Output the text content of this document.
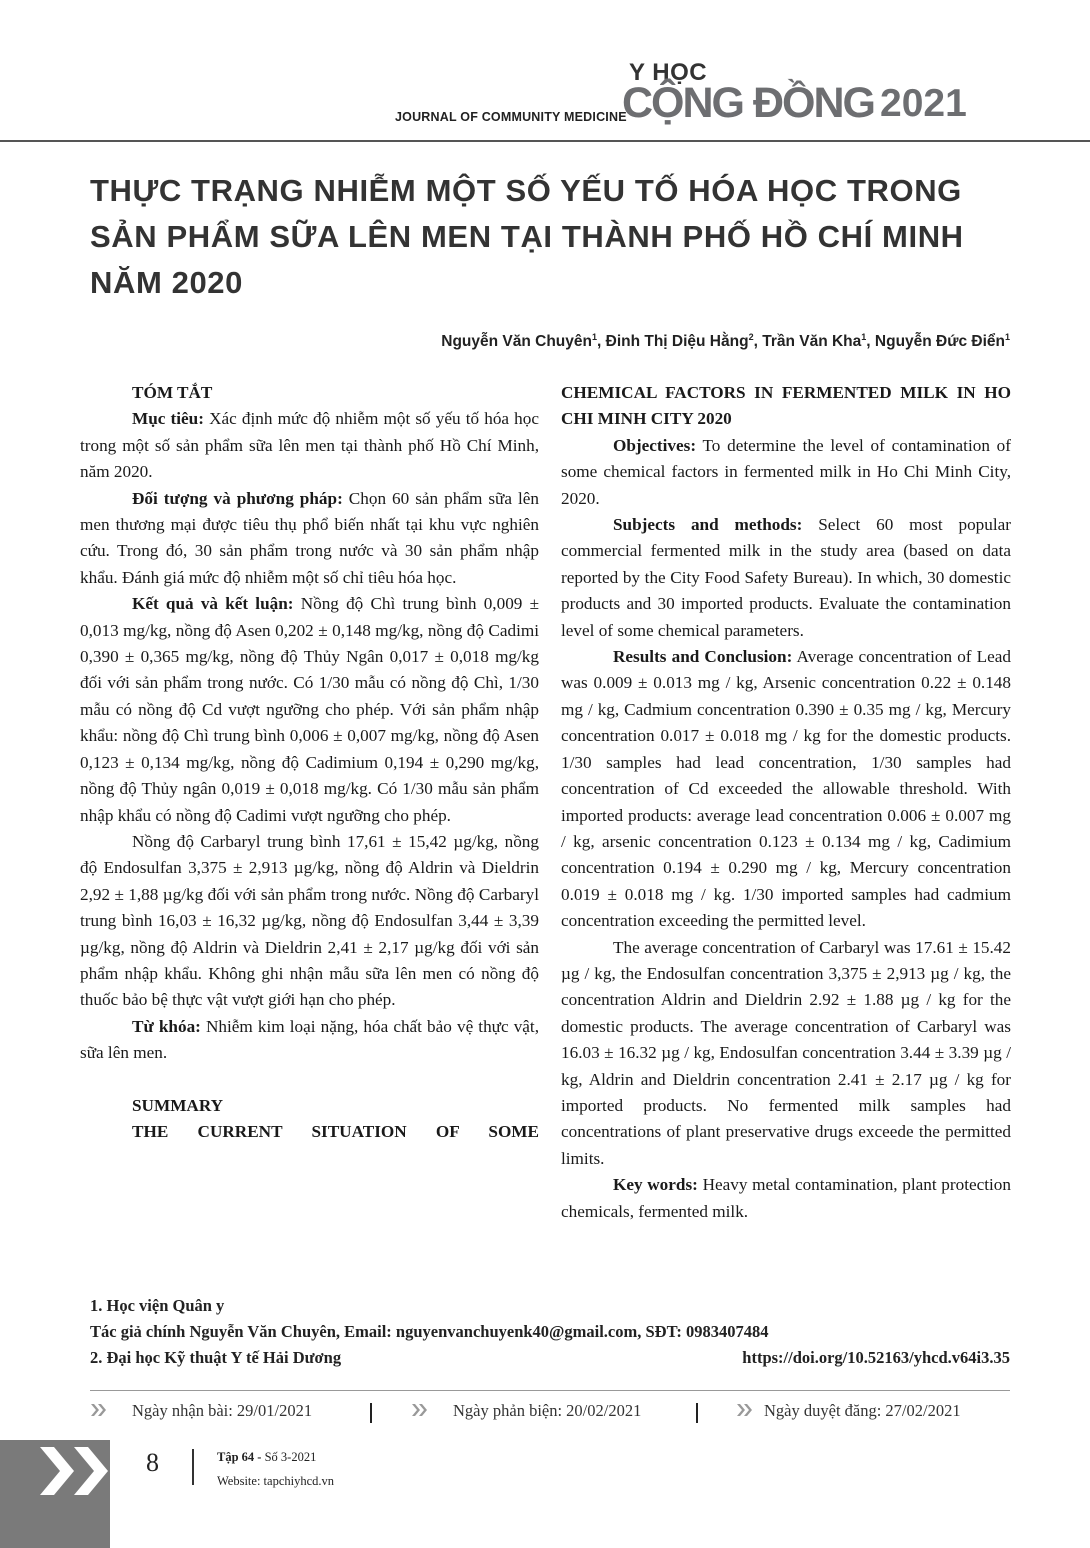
JOURNAL OF COMMUNITY MEDICINE
Y HỌC
CỘNG ĐỒNG 2021
THỰC TRẠNG NHIỄM MỘT SỐ YẾU TỐ HÓA HỌC TRONG
SẢN PHẨM SỮA LÊN MEN TẠI THÀNH PHỐ HỒ CHÍ MINH
NĂM 2020
Nguyễn Văn Chuyên$^1$, Đinh Thị Diệu Hằng$^2$, Trần Văn Kha$^1$, Nguyễn Đức Điển$^1$
TÓM TẮT

Mục tiêu: Xác định mức độ nhiễm một số yếu tố hóa học trong một số sản phẩm sữa lên men tại thành phố Hồ Chí Minh, năm 2020.

Đối tượng và phương pháp: Chọn 60 sản phẩm sữa lên men thương mại được tiêu thụ phổ biến nhất tại khu vực nghiên cứu. Trong đó, 30 sản phẩm trong nước và 30 sản phẩm nhập khẩu. Đánh giá mức độ nhiễm một số chỉ tiêu hóa học.

Kết quả và kết luận: Nồng độ Chì trung bình 0,009 ± 0,013 mg/kg, nồng độ Asen 0,202 ± 0,148 mg/kg, nồng độ Cadimi 0,390 ± 0,365 mg/kg, nồng độ Thủy Ngân 0,017 ± 0,018 mg/kg đối với sản phẩm trong nước. Có 1/30 mẫu có nồng độ Chì, 1/30 mẫu có nồng độ Cd vượt ngưỡng cho phép. Với sản phẩm nhập khẩu: nồng độ Chì trung bình 0,006 ± 0,007 mg/kg, nồng độ Asen 0,123 ± 0,134 mg/kg, nồng độ Cadimium 0,194 ± 0,290 mg/kg, nồng độ Thủy ngân 0,019 ± 0,018 mg/kg. Có 1/30 mẫu sản phẩm nhập khẩu có nồng độ Cadimi vượt ngưỡng cho phép.

Nồng độ Carbaryl trung bình 17,61 ± 15,42 µg/kg, nồng độ Endosulfan 3,375 ± 2,913 µg/kg, nồng độ Aldrin và Dieldrin 2,92 ± 1,88 µg/kg đối với sản phẩm trong nước. Nồng độ Carbaryl trung bình 16,03 ± 16,32 µg/kg, nồng độ Endosulfan 3,44 ± 3,39 µg/kg, nồng độ Aldrin và Dieldrin 2,41 ± 2,17 µg/kg đối với sản phẩm nhập khẩu. Không ghi nhận mẫu sữa lên men có nồng độ thuốc bảo bệ thực vật vượt giới hạn cho phép.

Từ khóa: Nhiễm kim loại nặng, hóa chất bảo vệ thực vật, sữa lên men.

SUMMARY
THE CURRENT SITUATION OF SOME
CHEMICAL FACTORS IN FERMENTED MILK IN HO CHI MINH CITY 2020

Objectives: To determine the level of contamination of some chemical factors in fermented milk in Ho Chi Minh City, 2020.

Subjects and methods: Select 60 most popular commercial fermented milk in the study area (based on data reported by the City Food Safety Bureau). In which, 30 domestic products and 30 imported products. Evaluate the contamination level of some chemical parameters.

Results and Conclusion: Average concentration of Lead was 0.009 ± 0.013 mg / kg, Arsenic concentration 0.22 ± 0.148 mg / kg, Cadmium concentration 0.390 ± 0.35 mg / kg, Mercury concentration 0.017 ± 0.018 mg / kg for the domestic products. 1/30 samples had lead concentration, 1/30 samples had concentration of Cd exceeded the allowable threshold. With imported products: average lead concentration 0.006 ± 0.007 mg / kg, arsenic concentration 0.123 ± 0.134 mg / kg, Cadimium concentration 0.194 ± 0.290 mg / kg, Mercury concentration 0.019 ± 0.018 mg / kg. 1/30 imported samples had cadmium concentration exceeding the permitted level.

The average concentration of Carbaryl was 17.61 ± 15.42 µg / kg, the Endosulfan concentration 3,375 ± 2,913 µg / kg, the concentration Aldrin and Dieldrin 2.92 ± 1.88 µg / kg for the domestic products. The average concentration of Carbaryl was 16.03 ± 16.32 µg / kg, Endosulfan concentration 3.44 ± 3.39 µg / kg, Aldrin and Dieldrin concentration 2.41 ± 2.17 µg / kg for imported products. No fermented milk samples had concentrations of plant preservative drugs exceede the permitted limits.

Key words: Heavy metal contamination, plant protection chemicals, fermented milk.

1. Học viện Quân y
Tác giả chính Nguyễn Văn Chuyên, Email: nguyenvanchuyenk40@gmail.com, SĐT: 0983407484
2. Đại học Kỹ thuật Y tế Hải Dương	https://doi.org/10.52163/yhcd.v64i3.35
Ngày nhận bài: 29/01/2021	Ngày phản biện: 20/02/2021	Ngày duyệt đăng: 27/02/2021
8	Tập 64 - Số 3-2021
Website: tapchiyhcd.vn
